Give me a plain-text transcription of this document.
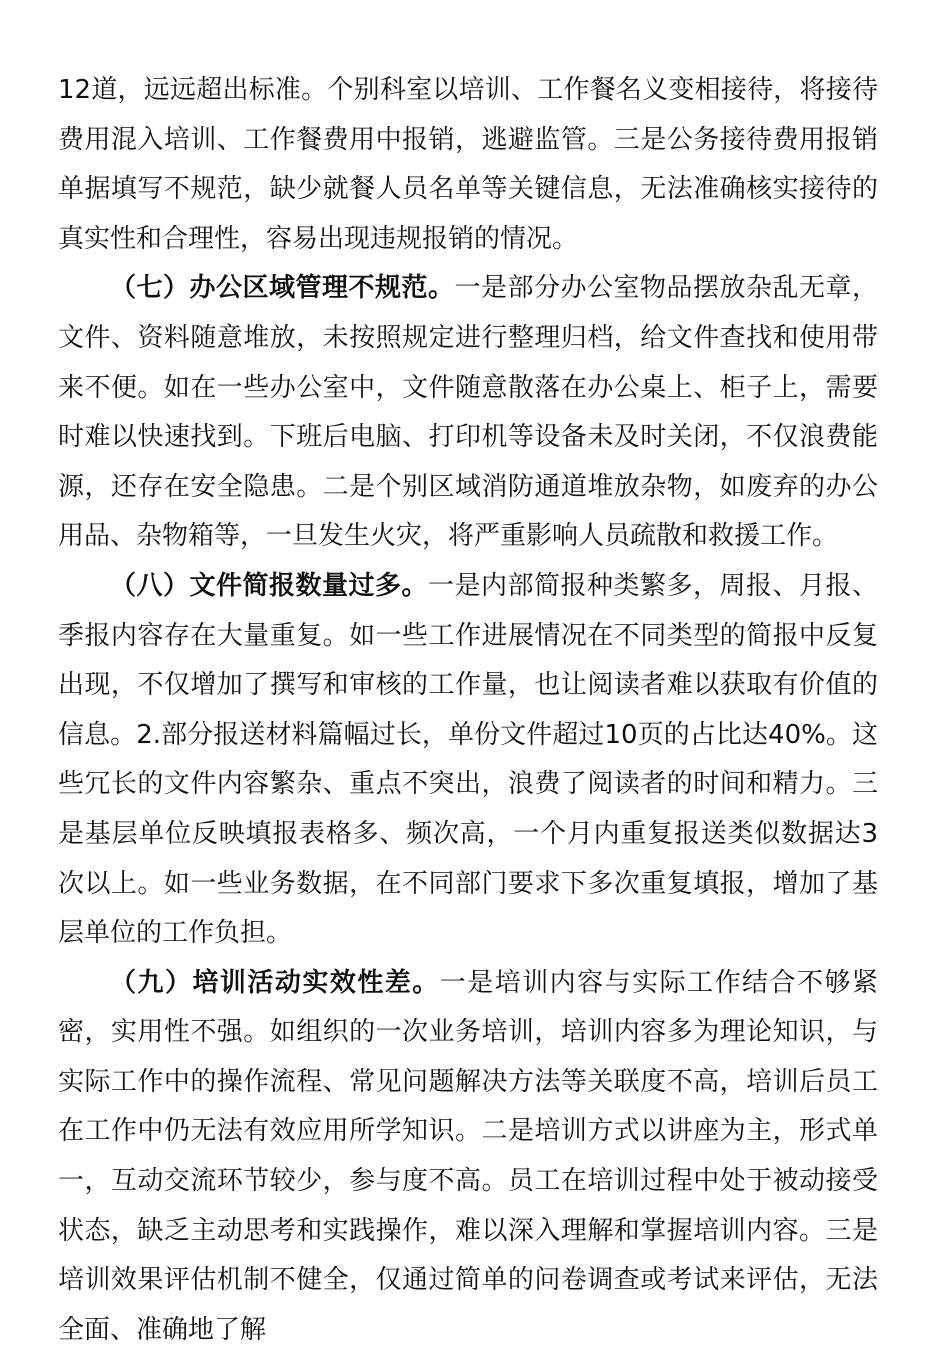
12道，远远超出标准。个别科室以培训、工作餐名义变相接待，将接待费用混入培训、工作餐费用中报销，逃避监管。三是公务接待费用报销单据填写不规范，缺少就餐人员名单等关键信息，无法准确核实接待的真实性和合理性，容易出现违规报销的情况。

（七）办公区域管理不规范。一是部分办公室物品摆放杂乱无章，文件、资料随意堆放，未按照规定进行整理归档，给文件查找和使用带来不便。如在一些办公室中，文件随意散落在办公桌上、柜子上，需要时难以快速找到。下班后电脑、打印机等设备未及时关闭，不仅浪费能源，还存在安全隐患。二是个别区域消防通道堆放杂物，如废弃的办公用品、杂物箱等，一旦发生火灾，将严重影响人员疏散和救援工作。

（八）文件简报数量过多。一是内部简报种类繁多，周报、月报、季报内容存在大量重复。如一些工作进展情况在不同类型的简报中反复出现，不仅增加了撰写和审核的工作量，也让阅读者难以获取有价值的信息。2.部分报送材料篇幅过长，单份文件超过10页的占比达40%。这些冗长的文件内容繁杂、重点不突出，浪费了阅读者的时间和精力。三是基层单位反映填报表格多、频次高，一个月内重复报送类似数据达3次以上。如一些业务数据，在不同部门要求下多次重复填报，增加了基层单位的工作负担。

（九）培训活动实效性差。一是培训内容与实际工作结合不够紧密，实用性不强。如组织的一次业务培训，培训内容多为理论知识，与实际工作中的操作流程、常见问题解决方法等关联度不高，培训后员工在工作中仍无法有效应用所学知识。二是培训方式以讲座为主，形式单一，互动交流环节较少，参与度不高。员工在培训过程中处于被动接受状态，缺乏主动思考和实践操作，难以深入理解和掌握培训内容。三是培训效果评估机制不健全，仅通过简单的问卷调查或考试来评估，无法全面、准确地了解
